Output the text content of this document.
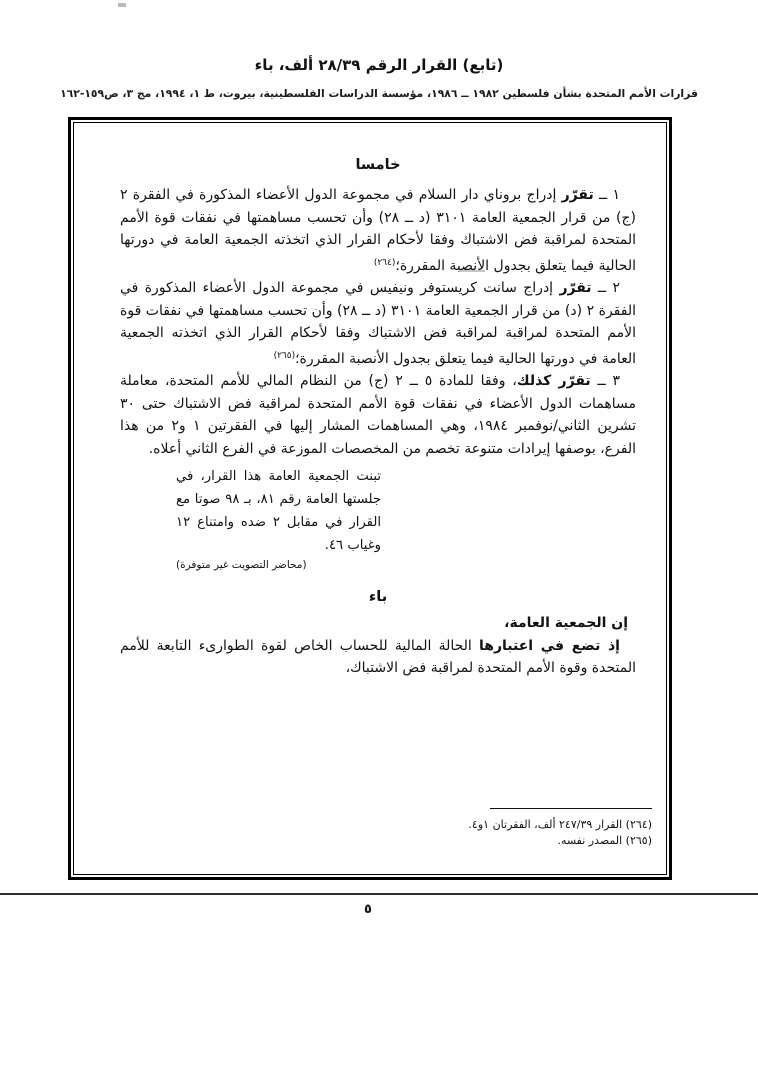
(تابع) القرار الرقم ٢٨/٣٩ ألف، باء
قرارات الأمم المتحدة بشأن فلسطين ١٩٨٢ ــ ١٩٨٦، مؤسسة الدراسات الفلسطينية، بيروت، ط ١، ١٩٩٤، مج ٣، ص١٥٩-١٦٢
خامسا

١ ــ تقرّر إدراج بروناي دار السلام في مجموعة الدول الأعضاء المذكورة في الفقرة ٢ (ج) من قرار الجمعية العامة ٣١٠١ (د ــ ٢٨) وأن تحسب مساهمتها في نفقات قوة الأمم المتحدة لمراقبة فض الاشتباك وفقا لأحكام القرار الذي اتخذته الجمعية العامة في دورتها الحالية فيما يتعلق بجدول الأنصبة المقررة؛$^{(٢٦٤)}$

٢ ــ تقرّر إدراج سانت كريستوفر ونيفيس في مجموعة الدول الأعضاء المذكورة في الفقرة ٢ (د) من قرار الجمعية العامة ٣١٠١ (د ــ ٢٨) وأن تحسب مساهمتها في نفقات قوة الأمم المتحدة لمراقبة لمراقبة فض الاشتباك وفقا لأحكام القرار الذي اتخذته الجمعية العامة في دورتها الحالية فيما يتعلق بجدول الأنصبة المقررة؛$^{(٢٦٥)}$

٣ ــ تقرّر كذلك، وفقا للمادة ٥ ــ ٢ (ج) من النظام المالي للأمم المتحدة، معاملة مساهمات الدول الأعضاء في نفقات قوة الأمم المتحدة لمراقبة فض الاشتباك حتى ٣٠ تشرين الثاني/نوفمبر ١٩٨٤، وهي المساهمات المشار إليها في الفقرتين ١ و٢ من هذا الفرع، بوصفها إيرادات متنوعة تخصم من المخصصات الموزعة في الفرع الثاني أعلاه.

تبنت الجمعية العامة هذا القرار، في جلستها العامة رقم ٨١، بـ ٩٨ صوتا مع القرار في مقابل ٢ ضده وامتناع ١٢ وغياب ٤٦.

(محاضر التصويت غير متوفرة)

باء

إن الجمعية العامة،

إذ تضع في اعتبارها الحالة المالية للحساب الخاص لقوة الطوارىء التابعة للأمم المتحدة وقوة الأمم المتحدة لمراقبة فض الاشتباك،

(٢٦٤) القرار ٢٤٧/٣٩ ألف، الفقرتان ١و٤.

(٢٦٥) المصدر نفسه.

٥
